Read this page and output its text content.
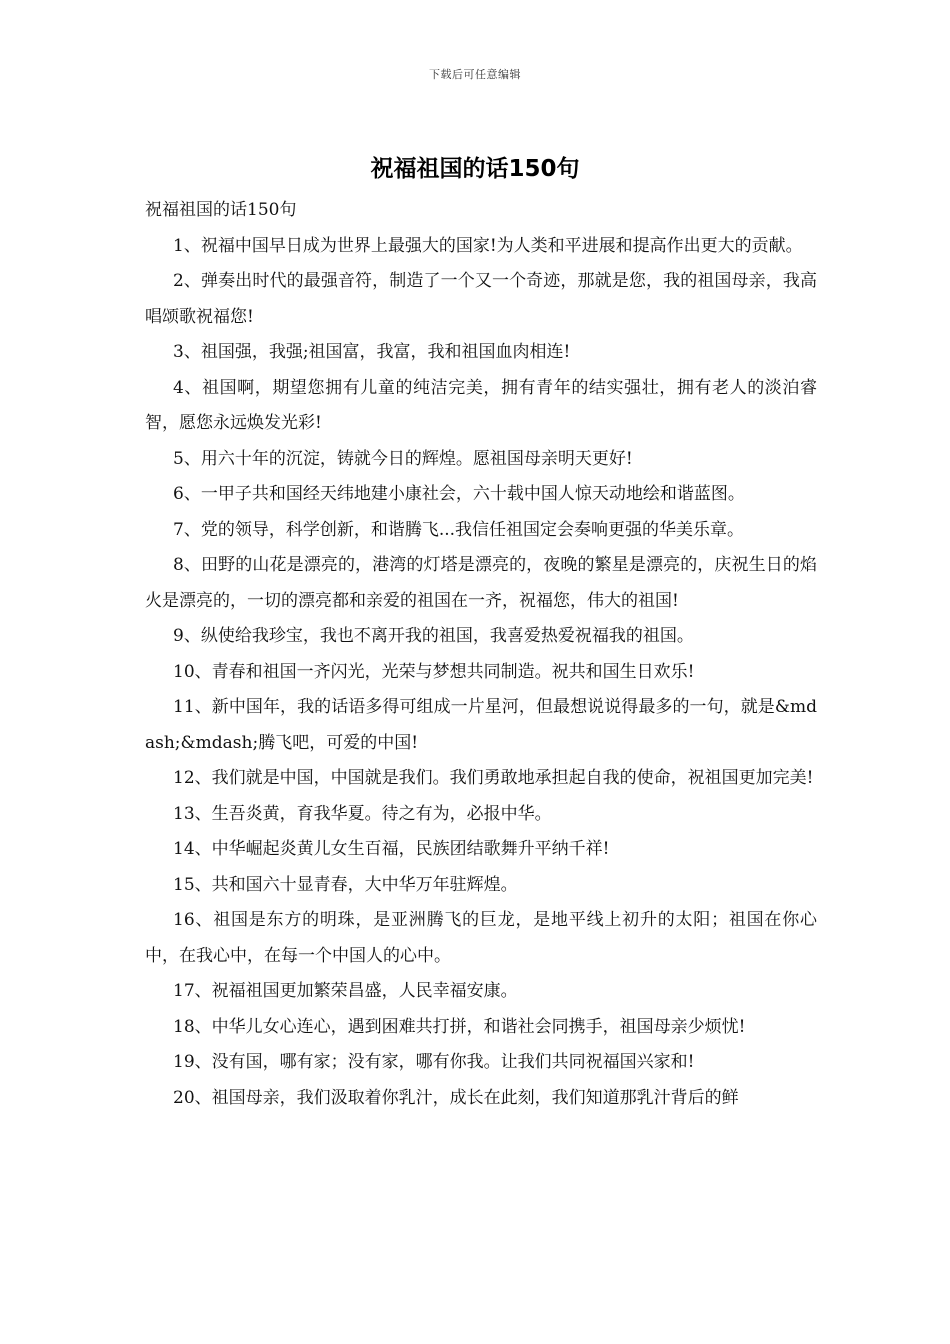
下载后可任意编辑
祝福祖国的话150句

祝福祖国的话150句

1、祝福中国早日成为世界上最强大的国家!为人类和平进展和提高作出更大的贡献。

2、弹奏出时代的最强音符，制造了一个又一个奇迹，那就是您，我的祖国母亲，我高唱颂歌祝福您!

3、祖国强，我强;祖国富，我富，我和祖国血肉相连!

4、祖国啊，期望您拥有儿童的纯洁完美，拥有青年的结实强壮，拥有老人的淡泊睿智，愿您永远焕发光彩!

5、用六十年的沉淀，铸就今日的辉煌。愿祖国母亲明天更好!

6、一甲子共和国经天纬地建小康社会，六十载中国人惊天动地绘和谐蓝图。

7、党的领导，科学创新，和谐腾飞...我信任祖国定会奏响更强的华美乐章。

8、田野的山花是漂亮的，港湾的灯塔是漂亮的，夜晚的繁星是漂亮的，庆祝生日的焰火是漂亮的，一切的漂亮都和亲爱的祖国在一齐，祝福您，伟大的祖国!

9、纵使给我珍宝，我也不离开我的祖国，我喜爱热爱祝福我的祖国。

10、青春和祖国一齐闪光，光荣与梦想共同制造。祝共和国生日欢乐!

11、新中国年，我的话语多得可组成一片星河，但最想说说得最多的一句，就是&mdash;&mdash;腾飞吧，可爱的中国!

12、我们就是中国，中国就是我们。我们勇敢地承担起自我的使命，祝祖国更加完美!

13、生吾炎黄，育我华夏。待之有为，必报中华。

14、中华崛起炎黄儿女生百福，民族团结歌舞升平纳千祥!

15、共和国六十显青春，大中华万年驻辉煌。

16、祖国是东方的明珠，是亚洲腾飞的巨龙，是地平线上初升的太阳；祖国在你心中，在我心中，在每一个中国人的心中。

17、祝福祖国更加繁荣昌盛，人民幸福安康。

18、中华儿女心连心，遇到困难共打拼，和谐社会同携手，祖国母亲少烦忧!

19、没有国，哪有家；没有家，哪有你我。让我们共同祝福国兴家和!

20、祖国母亲，我们汲取着你乳汁，成长在此刻，我们知道那乳汁背后的鲜
